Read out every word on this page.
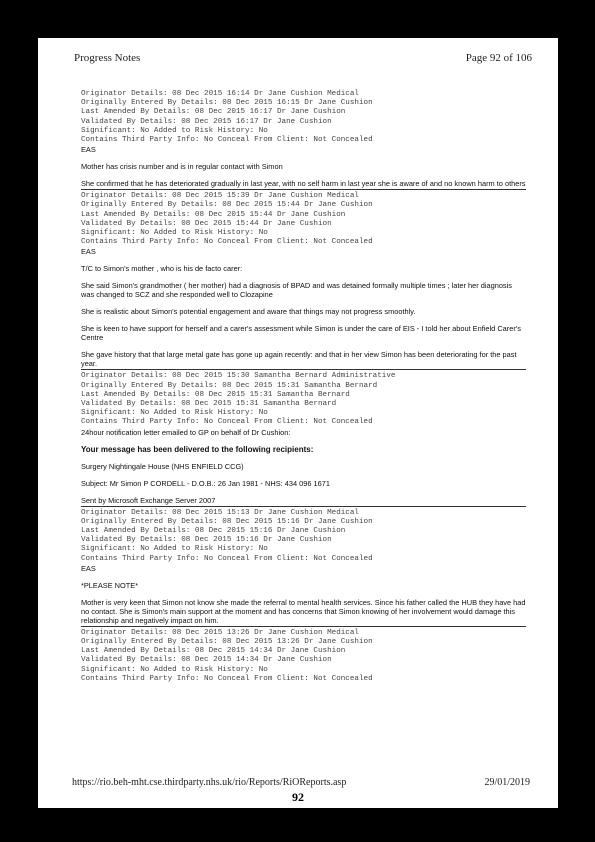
Progress Notes	Page 92 of 106
Originator Details: 08 Dec 2015 16:14 Dr Jane Cushion Medical
Originally Entered By Details: 08 Dec 2015 16:15 Dr Jane Cushion
Last Amended By Details: 08 Dec 2015 16:17 Dr Jane Cushion
Validated By Details: 08 Dec 2015 16:17 Dr Jane Cushion
Significant: No Added to Risk History: No
Contains Third Party Info: No Conceal From Client: Not Concealed
EAS
Mother has crisis number and is in regular contact with Simon
She confirmed that he has deteriorated gradually in last year, with no self harm in last year she is aware of and no known harm to others
Originator Details: 08 Dec 2015 15:39 Dr Jane Cushion Medical
Originally Entered By Details: 08 Dec 2015 15:44 Dr Jane Cushion
Last Amended By Details: 08 Dec 2015 15:44 Dr Jane Cushion
Validated By Details: 08 Dec 2015 15:44 Dr Jane Cushion
Significant: No Added to Risk History: No
Contains Third Party Info: No Conceal From Client: Not Concealed
EAS
T/C to Simon's mother , who is his de facto carer:
She said Simon's grandmother ( her mother) had a diagnosis of BPAD and was detained formally multiple times ; later her diagnosis was changed to SCZ and she responded well to Clozapine
She is realistic about Simon's potential engagement and aware that things may not progress smoothly.
She is keen to have support for herself and a carer's assessment while Simon is under the care of EIS - I told her about Enfield Carer's Centre
She gave history that that large metal gate has gone up again recently: and that in her view Simon has been deteriorating for the past year.
Originator Details: 08 Dec 2015 15:30 Samantha Bernard Administrative
Originally Entered By Details: 08 Dec 2015 15:31 Samantha Bernard
Last Amended By Details: 08 Dec 2015 15:31 Samantha Bernard
Validated By Details: 08 Dec 2015 15:31 Samantha Bernard
Significant: No Added to Risk History: No
Contains Third Party Info: No Conceal From Client: Not Concealed
24hour notification letter emailed to GP on behalf of Dr Cushion:
Your message has been delivered to the following recipients:
Surgery Nightingale House (NHS ENFIELD CCG)
Subject: Mr Simon P CORDELL - D.O.B.: 26 Jan 1981 - NHS: 434 096 1671
Sent by Microsoft Exchange Server 2007
Originator Details: 08 Dec 2015 15:13 Dr Jane Cushion Medical
Originally Entered By Details: 08 Dec 2015 15:16 Dr Jane Cushion
Last Amended By Details: 08 Dec 2015 15:16 Dr Jane Cushion
Validated By Details: 08 Dec 2015 15:16 Dr Jane Cushion
Significant: No Added to Risk History: No
Contains Third Party Info: No Conceal From Client: Not Concealed
EAS
*PLEASE NOTE*
Mother is very keen that Simon not know she made the referral to mental health services. Since his father called the HUB they have had no contact. She is Simon's main support at the moment and has concerns that Simon knowing of her involvement would damage this relationship and negatively impact on him.
Originator Details: 08 Dec 2015 13:26 Dr Jane Cushion Medical
Originally Entered By Details: 08 Dec 2015 13:26 Dr Jane Cushion
Last Amended By Details: 08 Dec 2015 14:34 Dr Jane Cushion
Validated By Details: 08 Dec 2015 14:34 Dr Jane Cushion
Significant: No Added to Risk History: No
Contains Third Party Info: No Conceal From Client: Not Concealed
https://rio.beh-mht.cse.thirdparty.nhs.uk/rio/Reports/RiOReports.asp	29/01/2019
92
